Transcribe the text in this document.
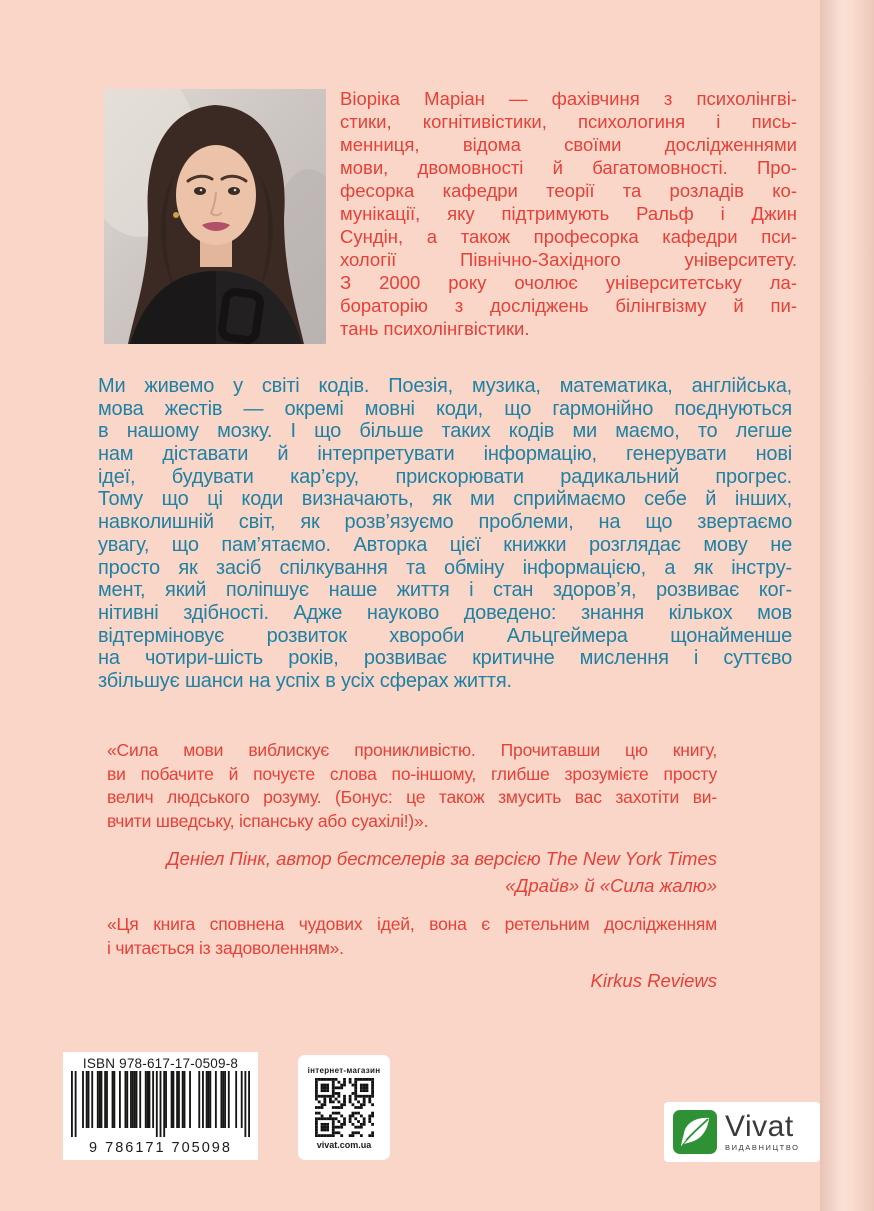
Віоріка Маріан — фахівчиня з психолінгві-
стики, когнітивістики, психологиня і пись-
менниця, відома своїми дослідженнями
мови, двомовності й багатомовності. Про-
фесорка кафедри теорії та розладів ко-
мунікації, яку підтримують Ральф і Джин
Сундін, а також професорка кафедри пси-
хології Північно-Західного університету.
З 2000 року очолює університетську ла-
бораторію з досліджень білінгвізму й пи-
тань психолінгвістики.
Ми живемо у світі кодів. Поезія, музика, математика, англійська,
мова жестів — окремі мовні коди, що гармонійно поєднуються
в нашому мозку. І що більше таких кодів ми маємо, то легше
нам діставати й інтерпретувати інформацію, генерувати нові
ідеї, будувати кар’єру, прискорювати радикальний прогрес.
Тому що ці коди визначають, як ми сприймаємо себе й інших,
навколишній світ, як розв’язуємо проблеми, на що звертаємо
увагу, що пам’ятаємо. Авторка цієї книжки розглядає мову не
просто як засіб спілкування та обміну інформацією, а як інстру-
мент, який поліпшує наше життя і стан здоров’я, розвиває ког-
нітивні здібності. Адже науково доведено: знання кількох мов
відтерміновує розвиток хвороби Альцгеймера щонайменше
на чотири-шість років, розвиває критичне мислення і суттєво
збільшує шанси на успіх в усіх сферах життя.
«Сила мови виблискує проникливістю. Прочитавши цю книгу,
ви побачите й почуєте слова по-іншому, глибше зрозумієте просту
велич людського розуму. (Бонус: це також змусить вас захотіти ви-
вчити шведську, іспанську або суахілі!)».
Деніел Пінк, автор бестселерів за версією The New York Times
«Драйв» й «Сила жалю»
«Ця книга сповнена чудових ідей, вона є ретельним дослідженням
і читається із задоволенням».
Kirkus Reviews
ISBN 978-617-17-0509-8
9 786171 705098
інтернет-магазин
vivat.com.ua
Vivat
ВИДАВНИЦТВО
